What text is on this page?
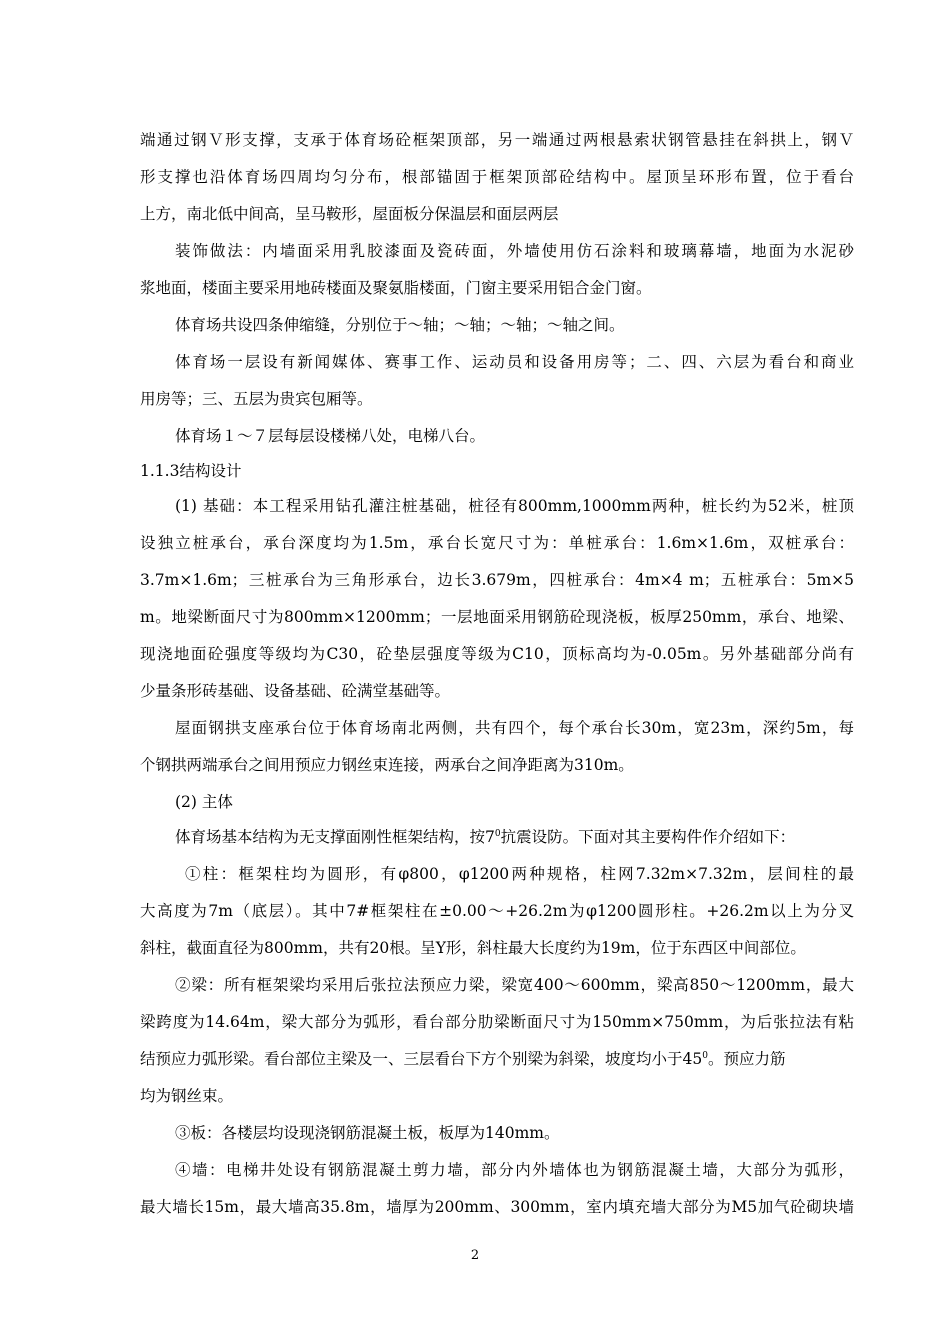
端通过钢Ｖ形支撑，支承于体育场砼框架顶部，另一端通过两根悬索状钢管悬挂在斜拱上，钢Ｖ
形支撑也沿体育场四周均匀分布，根部锚固于框架顶部砼结构中。屋顶呈环形布置，位于看台
上方，南北低中间高，呈马鞍形，屋面板分保温层和面层两层
装饰做法：内墙面采用乳胶漆面及瓷砖面，外墙使用仿石涂料和玻璃幕墙，地面为水泥砂
浆地面，楼面主要采用地砖楼面及聚氨脂楼面，门窗主要采用铝合金门窗。
体育场共设四条伸缩缝，分别位于～轴；～轴；～轴；～轴之间。
体育场一层设有新闻媒体、赛事工作、运动员和设备用房等；二、四、六层为看台和商业
用房等；三、五层为贵宾包厢等。
体育场１～７层每层设楼梯八处，电梯八台。
1.1.3结构设计
(1) 基础：本工程采用钻孔灌注桩基础，桩径有800mm,1000mm两种，桩长约为52米，桩顶
设独立桩承台，承台深度均为1.5m，承台长宽尺寸为：单桩承台：1.6m×1.6m，双桩承台：
3.7m×1.6m；三桩承台为三角形承台，边长3.679m，四桩承台：4m×4 m；五桩承台：5m×5
m。地梁断面尺寸为800mm×1200mm；一层地面采用钢筋砼现浇板，板厚250mm，承台、地梁、
现浇地面砼强度等级均为C30，砼垫层强度等级为C10，顶标高均为-0.05m。另外基础部分尚有
少量条形砖基础、设备基础、砼满堂基础等。
屋面钢拱支座承台位于体育场南北两侧，共有四个，每个承台长30m，宽23m，深约5m，每
个钢拱两端承台之间用预应力钢丝束连接，两承台之间净距离为310m。
(2) 主体
体育场基本结构为无支撑面刚性框架结构，按$7^0$抗震设防。下面对其主要构件作介绍如下：
①柱：框架柱均为圆形，有φ800，φ1200两种规格，柱网7.32m×7.32m，层间柱的最
大高度为7m（底层）。其中7#框架柱在±0.00～+26.2m为φ1200圆形柱。+26.2m以上为分叉
斜柱，截面直径为800mm，共有20根。呈Y形，斜柱最大长度约为19m，位于东西区中间部位。
②梁：所有框架梁均采用后张拉法预应力梁，梁宽400～600mm，梁高850～1200mm，最大
梁跨度为14.64m，梁大部分为弧形，看台部分肋梁断面尺寸为150mm×750mm，为后张拉法有粘
结预应力弧形梁。看台部位主梁及一、三层看台下方个别梁为斜梁，坡度均小于$45^0$。预应力筋
均为钢丝束。
③板：各楼层均设现浇钢筋混凝土板，板厚为140mm。
④墙：电梯井处设有钢筋混凝土剪力墙，部分内外墙体也为钢筋混凝土墙，大部分为弧形，
最大墙长15m，最大墙高35.8m，墙厚为200mm、300mm，室内填充墙大部分为M5加气砼砌块墙
2
